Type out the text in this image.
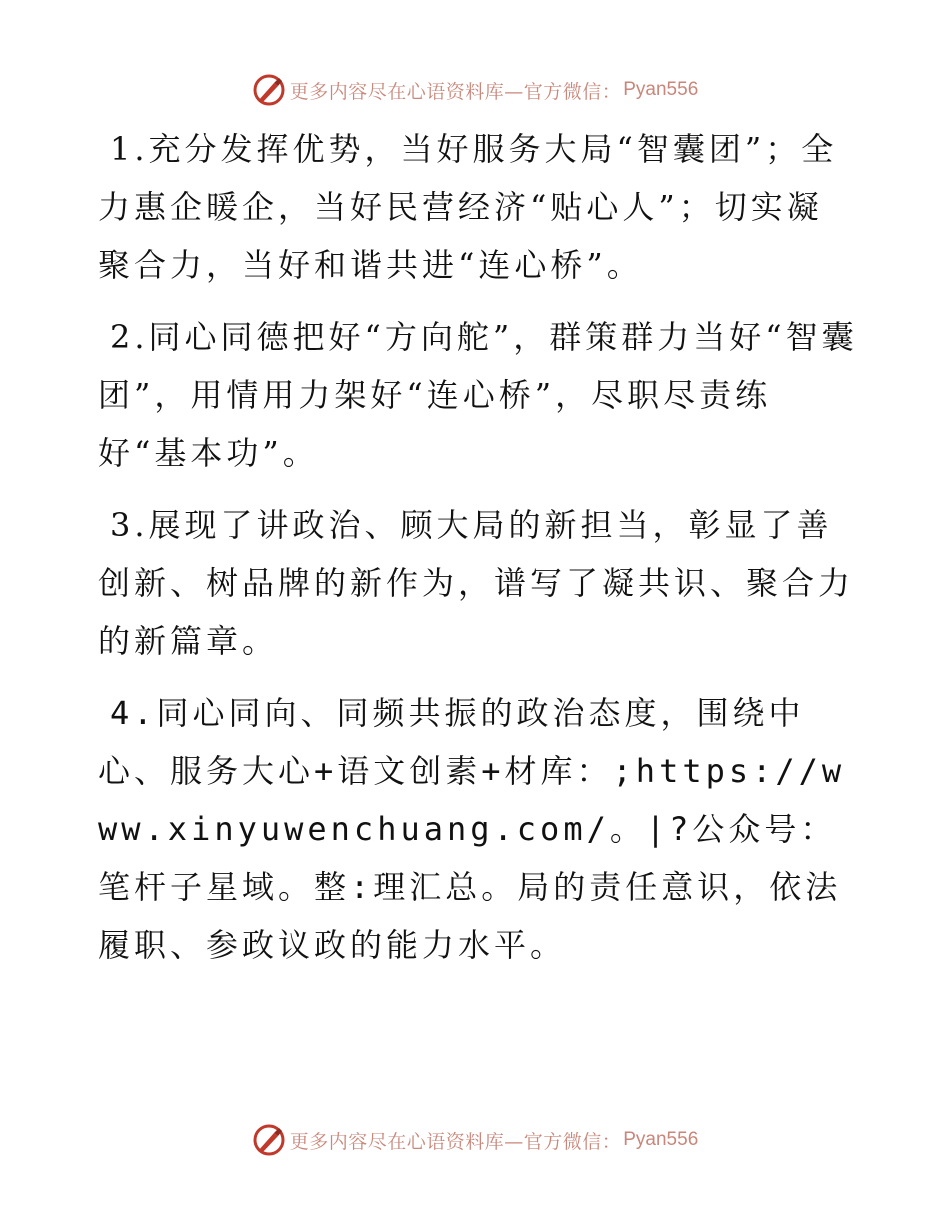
更多内容尽在心语资料库—官方微信： Pyan556

1.充分发挥优势，当好服务大局“智囊团”；全力惠企暖企，当好民营经济“贴心人”；切实凝聚合力，当好和谐共进“连心桥”。

2.同心同德把好“方向舵”，群策群力当好“智囊团”，用情用力架好“连心桥”，尽职尽责练好“基本功”。

3.展现了讲政治、顾大局的新担当，彰显了善创新、树品牌的新作为，谱写了凝共识、聚合力的新篇章。

4.同心同向、同频共振的政治态度，围绕中心、服务大心+语文创素+材库：;https://www.xinyuwenchuang.com/。|?公众号：笔杆子星域。整:理汇总。局的责任意识，依法履职、参政议政的能力水平。

更多内容尽在心语资料库—官方微信： Pyan556
